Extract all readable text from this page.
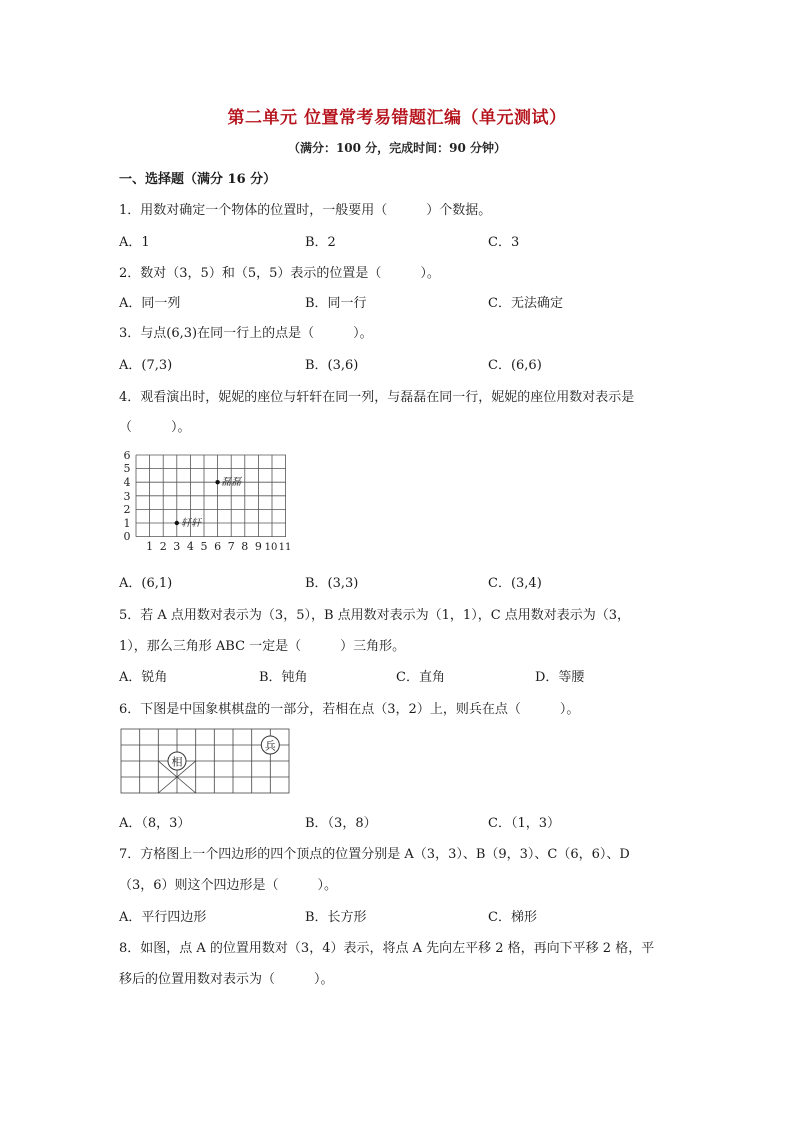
第二单元 位置常考易错题汇编（单元测试）
（满分：100 分，完成时间：90 分钟）
一、选择题（满分 16 分）
1．用数对确定一个物体的位置时，一般要用（　　　）个数据。
A．1	B．2	C．3
2．数对（3，5）和（5，5）表示的位置是（　　　）。
A．同一列	B．同一行	C．无法确定
3．与点(6,3)在同一行上的点是（　　　）。
A．(7,3)	B．(3,6)	C．(6,6)
4．观看演出时，妮妮的座位与轩轩在同一列，与磊磊在同一行，妮妮的座位用数对表示是
（　　　）。
0
1
2
3
4
5
6
1 2 3 4 5 6 7 8 9 10 11
轩轩
磊磊
A．(6,1)	B．(3,3)	C．(3,4)
5．若 A 点用数对表示为（3，5），B 点用数对表示为（1，1），C 点用数对表示为（3，
1），那么三角形 ABC 一定是（　　　）三角形。
A．锐角	B．钝角	C．直角	D．等腰
6．下图是中国象棋棋盘的一部分，若相在点（3，2）上，则兵在点（　　　）。
相
兵
A．（8，3）	B．（3，8）	C．（1，3）
7．方格图上一个四边形的四个顶点的位置分别是 A（3，3）、B（9，3）、C（6，6）、D
（3，6）则这个四边形是（　　　）。
A．平行四边形	B．长方形	C．梯形
8．如图，点 A 的位置用数对（3，4）表示，将点 A 先向左平移 2 格，再向下平移 2 格，平
移后的位置用数对表示为（　　　）。
